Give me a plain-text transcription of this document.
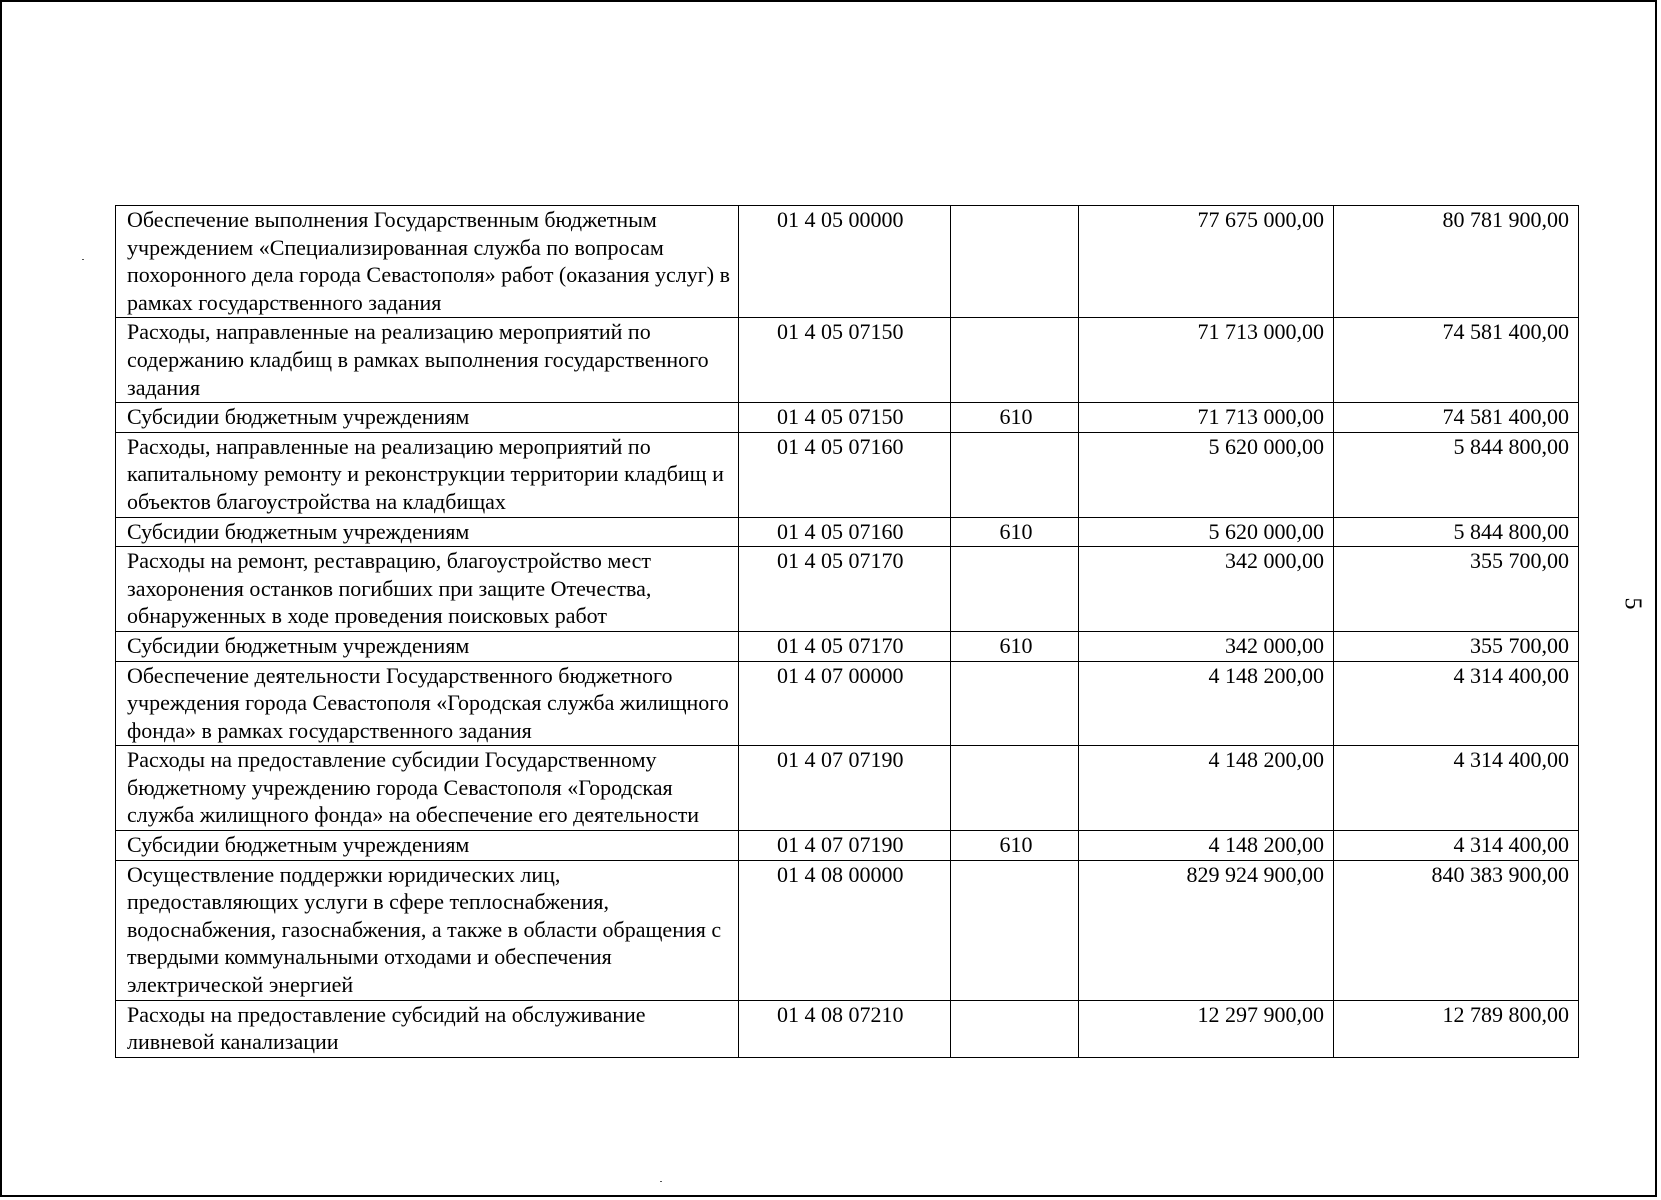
Обеспечение выполнения Государственным бюджетным учреждением «Специализированная служба по вопросам похоронного дела города Севастополя» работ (оказания услуг) в рамках государственного задания	01 4 05 00000		77 675 000,00	80 781 900,00
Расходы, направленные на реализацию мероприятий по содержанию кладбищ в рамках выполнения государственного задания	01 4 05 07150		71 713 000,00	74 581 400,00
Субсидии бюджетным учреждениям	01 4 05 07150	610	71 713 000,00	74 581 400,00
Расходы, направленные на реализацию мероприятий по капитальному ремонту и реконструкции территории кладбищ и объектов благоустройства на кладбищах	01 4 05 07160		5 620 000,00	5 844 800,00
Субсидии бюджетным учреждениям	01 4 05 07160	610	5 620 000,00	5 844 800,00
Расходы на ремонт, реставрацию, благоустройство мест захоронения останков погибших при защите Отечества, обнаруженных в ходе проведения поисковых работ	01 4 05 07170		342 000,00	355 700,00
Субсидии бюджетным учреждениям	01 4 05 07170	610	342 000,00	355 700,00
Обеспечение деятельности Государственного бюджетного учреждения города Севастополя «Городская служба жилищного фонда» в рамках государственного задания	01 4 07 00000		4 148 200,00	4 314 400,00
Расходы на предоставление субсидии Государственному бюджетному учреждению города Севастополя «Городская служба жилищного фонда» на обеспечение его деятельности	01 4 07 07190		4 148 200,00	4 314 400,00
Субсидии бюджетным учреждениям	01 4 07 07190	610	4 148 200,00	4 314 400,00
Осуществление поддержки юридических лиц, предоставляющих услуги в сфере теплоснабжения, водоснабжения, газоснабжения, а также в области обращения с твердыми коммунальными отходами и обеспечения электрической энергией	01 4 08 00000		829 924 900,00	840 383 900,00
Расходы на предоставление субсидий на обслуживание ливневой канализации	01 4 08 07210		12 297 900,00	12 789 800,00
5
